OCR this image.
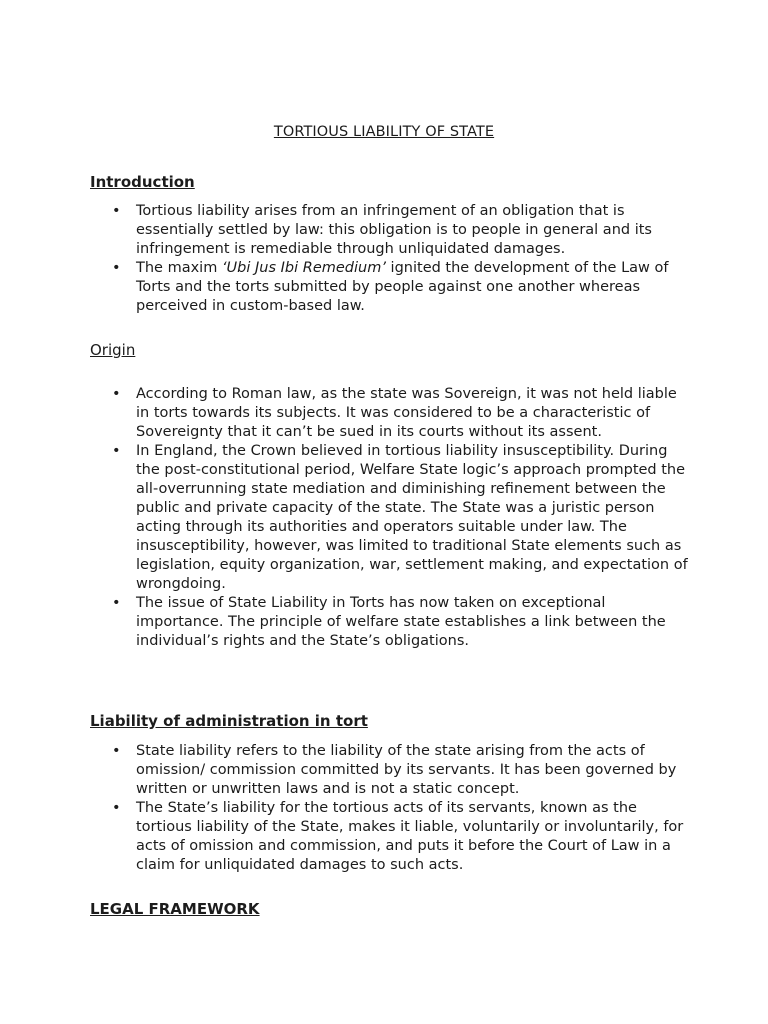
TORTIOUS LIABILITY OF STATE
Introduction
• Tortious liability arises from an infringement of an obligation that is essentially settled by law: this obligation is to people in general and its infringement is remediable through unliquidated damages.
• The maxim ‘Ubi Jus Ibi Remedium’ ignited the development of the Law of Torts and the torts submitted by people against one another whereas perceived in custom-based law.
Origin
• According to Roman law, as the state was Sovereign, it was not held liable in torts towards its subjects. It was considered to be a characteristic of Sovereignty that it can’t be sued in its courts without its assent.
• In England, the Crown believed in tortious liability insusceptibility. During the post-constitutional period, Welfare State logic’s approach prompted the all-overrunning state mediation and diminishing refinement between the public and private capacity of the state. The State was a juristic person acting through its authorities and operators suitable under law. The insusceptibility, however, was limited to traditional State elements such as legislation, equity organization, war, settlement making, and expectation of wrongdoing.
• The issue of State Liability in Torts has now taken on exceptional importance. The principle of welfare state establishes a link between the individual’s rights and the State’s obligations.
Liability of administration in tort
• State liability refers to the liability of the state arising from the acts of omission/ commission committed by its servants. It has been governed by written or unwritten laws and is not a static concept.
• The State’s liability for the tortious acts of its servants, known as the tortious liability of the State, makes it liable, voluntarily or involuntarily, for acts of omission and commission, and puts it before the Court of Law in a claim for unliquidated damages to such acts.
LEGAL FRAMEWORK
